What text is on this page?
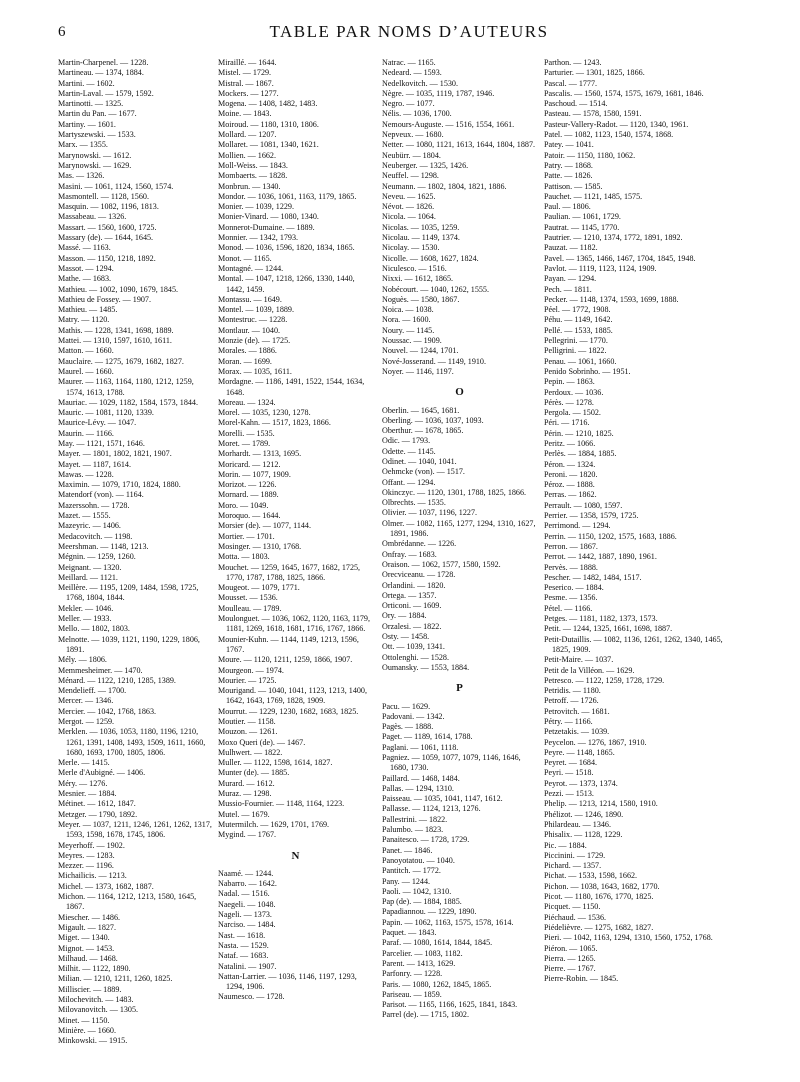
6	TABLE PAR NOMS D’AUTEURS
Martin-Charpenel. — 1228.
Martineau. — 1374, 1884.
Martini. — 1602.
Martin-Laval. — 1579, 1592.
Martinotti. — 1325.
Martin du Pan. — 1677.
Martiny. — 1601.
Martyszewski. — 1533.
Marx. — 1355.
Marynowski. — 1612.
Marynowski. — 1629.
Mas. — 1326.
Masini. — 1061, 1124, 1560, 1574.
Masmontell. — 1128, 1560.
Masquin. — 1082, 1196, 1813.
Massabeau. — 1326.
Massart. — 1560, 1600, 1725.
Massary (de). — 1644, 1645.
Massé. — 1163.
Masson. — 1150, 1218, 1892.
Massot. — 1294.
Mathe. — 1683.
Mathieu. — 1002, 1090, 1679, 1845.
Mathieu de Fossey. — 1907.
Mathieu. — 1485.
Matry. — 1120.
Mathis. — 1228, 1341, 1698, 1889.
Mattei. — 1310, 1597, 1610, 1611.
Matton. — 1660.
Mauclaire. — 1275, 1679, 1682, 1827.
Maurel. — 1660.
Maurer. — 1163, 1164, 1180, 1212, 1259, 1574, 1613, 1788.
Mauriac. — 1029, 1182, 1584, 1573, 1844.
Mauric. — 1081, 1120, 1339.
Maurice-Lévy. — 1047.
Maurin. — 1166.
May. — 1121, 1571, 1646.
Mayer. — 1801, 1802, 1821, 1907.
Mayet. — 1187, 1614.
Mawas. — 1228.
Maximin. — 1079, 1710, 1824, 1880.
Matendorf (von). — 1164.
Mazerssohn. — 1728.
Mazet. — 1555.
Mazeyric. — 1406.
Medacovitch. — 1198.
Meershman. — 1148, 1213.
Mégnin. — 1259, 1260.
Meignant. — 1320.
Meillard. — 1121.
Meillère. — 1195, 1209, 1484, 1598, 1725, 1768, 1804, 1844.
Mekler. — 1046.
Meller. — 1933.
Mello. — 1802, 1803.
Melnotte. — 1039, 1121, 1190, 1229, 1806, 1891.
Mély. — 1806.
Memmesheimer. — 1470.
Ménard. — 1122, 1210, 1285, 1389.
Mendelieff. — 1700.
Mercer. — 1346.
Mercier. — 1042, 1768, 1863.
Mergot. — 1259.
Merklen. — 1036, 1053, 1180, 1196, 1210, 1261, 1391, 1408, 1493, 1509, 1611, 1660, 1680, 1693, 1700, 1805, 1806.
Merle. — 1415.
Merle d'Aubigné. — 1406.
Méry. — 1276.
Mesnier. — 1884.
Métinet. — 1612, 1847.
Metzger. — 1790, 1892.
Meyer. — 1037, 1211, 1246, 1261, 1262, 1317, 1593, 1598, 1678, 1745, 1806.
Meyerhoff. — 1902.
Meyres. — 1283.
Mezzer. — 1196.
Michailicis. — 1213.
Michel. — 1373, 1682, 1887.
Michon. — 1164, 1212, 1213, 1580, 1645, 1867.
Miescher. — 1486.
Migault. — 1827.
Miget. — 1340.
Mignot. — 1453.
Milhaud. — 1468.
Milhit. — 1122, 1890.
Milian. — 1210, 1211, 1260, 1825.
Milliscier. — 1889.
Milochevitch. — 1483.
Milovanovitch. — 1305.
Minet. — 1150.
Minière. — 1660.
Minkowski. — 1915.
Miraillé. — 1644.
Mistel. — 1729.
Mistral. — 1867.
Mockers. — 1277.
Mogena. — 1408, 1482, 1483.
Moine. — 1843.
Moiroud. — 1180, 1310, 1806.
Mollard. — 1207.
Mollaret. — 1081, 1340, 1621.
Mollien. — 1662.
Moll-Weiss. — 1843.
Mombaerts. — 1828.
Monbrun. — 1340.
Mondor. — 1036, 1061, 1163, 1179, 1865.
Monier. — 1039, 1229.
Monier-Vinard. — 1080, 1340.
Monnerot-Dumaine. — 1889.
Monnier. — 1342, 1793.
Monod. — 1036, 1596, 1820, 1834, 1865.
Monot. — 1165.
Montagné. — 1244.
Montal. — 1047, 1218, 1266, 1330, 1440, 1442, 1459.
Montassu. — 1649.
Montel. — 1039, 1889.
Montestruc. — 1228.
Montlaur. — 1040.
Monzie (de). — 1725.
Morales. — 1886.
Moran. — 1699.
Morax. — 1035, 1611.
Mordagne. — 1186, 1491, 1522, 1544, 1634, 1648.
Moreau. — 1324.
Morel. — 1035, 1230, 1278.
Morel-Kahn. — 1517, 1823, 1866.
Morelli. — 1535.
Moret. — 1789.
Morhardt. — 1313, 1695.
Moricard. — 1212.
Morin. — 1077, 1909.
Morizot. — 1226.
Mornard. — 1889.
Moro. — 1049.
Moroquo. — 1644.
Morsier (de). — 1077, 1144.
Mortier. — 1701.
Mosinger. — 1310, 1768.
Motta. — 1803.
Mouchet. — 1259, 1645, 1677, 1682, 1725, 1770, 1787, 1788, 1825, 1866.
Mougeot. — 1079, 1771.
Mousset. — 1536.
Moulleau. — 1789.
Moulonguet. — 1036, 1062, 1120, 1163, 1179, 1181, 1269, 1618, 1681, 1716, 1767, 1866.
Mounier-Kuhn. — 1144, 1149, 1213, 1596, 1767.
Moure. — 1120, 1211, 1259, 1866, 1907.
Mourgeon. — 1974.
Mourier. — 1725.
Mourigand. — 1040, 1041, 1123, 1213, 1400, 1642, 1643, 1769, 1828, 1909.
Mourrut. — 1229, 1230, 1682, 1683, 1825.
Moutier. — 1158.
Mouzon. — 1261.
Moxo Queri (de). — 1467.
Mulhwert. — 1822.
Muller. — 1122, 1598, 1614, 1827.
Munter (de). — 1885.
Murard. — 1612.
Muraz. — 1298.
Mussio-Fournier. — 1148, 1164, 1223.
Mutel. — 1679.
Mutermilch. — 1629, 1701, 1769.
Mygind. — 1767.
N
Naamé. — 1244.
Nabarro. — 1642.
Nadal. — 1516.
Naegeli. — 1048.
Nageli. — 1373.
Narciso. — 1484.
Nast. — 1618.
Nasta. — 1529.
Nataf. — 1683.
Natalini. — 1907.
Nattan-Larrier. — 1036, 1146, 1197, 1293, 1294, 1906.
Naumesco. — 1728.
Natrac. — 1165.
Nedeard. — 1593.
Nedelkovitch. — 1530.
Nègre. — 1035, 1119, 1787, 1946.
Negro. — 1077.
Nélis. — 1036, 1700.
Nemours-Auguste. — 1516, 1554, 1661.
Nepveux. — 1680.
Netter. — 1080, 1121, 1613, 1644, 1804, 1887.
Neubürr. — 1804.
Neuberger. — 1325, 1426.
Neuffel. — 1298.
Neumann. — 1802, 1804, 1821, 1886.
Neveu. — 1625.
Névot. — 1826.
Nicola. — 1064.
Nicolas. — 1035, 1259.
Nicolau. — 1149, 1374.
Nicolay. — 1530.
Nicolle. — 1608, 1627, 1824.
Niculesco. — 1516.
Nixxi. — 1612, 1865.
Nobécourt. — 1040, 1262, 1555.
Noguès. — 1580, 1867.
Noica. — 1038.
Nora. — 1600.
Noury. — 1145.
Noussac. — 1909.
Nouvel. — 1244, 1701.
Nové-Josserand. — 1149, 1910.
Noyer. — 1146, 1197.
O
Oberlin. — 1645, 1681.
Oberling. — 1036, 1037, 1093.
Oberthur. — 1678, 1865.
Odic. — 1793.
Odette. — 1145.
Odinet. — 1040, 1041.
Oehmcke (von). — 1517.
Offant. — 1294.
Okinczyc. — 1120, 1301, 1788, 1825, 1866.
Olbrechts. — 1535.
Olivier. — 1037, 1196, 1227.
Olmer. — 1082, 1165, 1277, 1294, 1310, 1627, 1891, 1986.
Ombrédanne. — 1226.
Onfray. — 1683.
Oraison. — 1062, 1577, 1580, 1592.
Orecviceanu. — 1728.
Orlandini. — 1820.
Ortega. — 1357.
Orticoni. — 1609.
Ory. — 1884.
Orzalesi. — 1822.
Osty. — 1458.
Ott. — 1039, 1341.
Ottolenghi. — 1528.
Oumansky. — 1553, 1884.
P
Pacu. — 1629.
Padovani. — 1342.
Pagès. — 1888.
Paget. — 1189, 1614, 1788.
Paglani. — 1061, 1118.
Pagniez. — 1059, 1077, 1079, 1146, 1646, 1680, 1730.
Paillard. — 1468, 1484.
Pallas. — 1294, 1310.
Paisseau. — 1035, 1041, 1147, 1612.
Pallasse. — 1124, 1213, 1276.
Pallestrini. — 1822.
Palumbo. — 1823.
Panaitesco. — 1728, 1729.
Panet. — 1846.
Panoyotatou. — 1040.
Pantitch. — 1772.
Pany. — 1244.
Paoli. — 1042, 1310.
Pap (de). — 1884, 1885.
Papadiannou. — 1229, 1890.
Papin. — 1062, 1163, 1575, 1578, 1614.
Paquet. — 1843.
Paraf. — 1080, 1614, 1844, 1845.
Parcelier. — 1083, 1182.
Parent. — 1413, 1629.
Parfonry. — 1228.
Paris. — 1080, 1262, 1845, 1865.
Pariseau. — 1859.
Parisot. — 1165, 1166, 1625, 1841, 1843.
Parrel (de). — 1715, 1802.
Parthon. — 1243.
Parturier. — 1301, 1825, 1866.
Pascal. — 1777.
Pascalis. — 1560, 1574, 1575, 1679, 1681, 1846.
Paschoud. — 1514.
Pasteau. — 1578, 1580, 1591.
Pasteur-Vallery-Radot. — 1120, 1340, 1961.
Patel. — 1082, 1123, 1540, 1574, 1868.
Patey. — 1041.
Patoir. — 1150, 1180, 1062.
Patry. — 1868.
Patte. — 1826.
Pattison. — 1585.
Pauchet. — 1121, 1485, 1575.
Paul. — 1806.
Paulian. — 1061, 1729.
Pautrat. — 1145, 1770.
Pautrier. — 1210, 1374, 1772, 1891, 1892.
Pauzat. — 1182.
Pavel. — 1365, 1466, 1467, 1704, 1845, 1948.
Pavlot. — 1119, 1123, 1124, 1909.
Payan. — 1294.
Pech. — 1811.
Pecker. — 1148, 1374, 1593, 1699, 1888.
Péel. — 1772, 1908.
Péhu. — 1149, 1642.
Pellé. — 1533, 1885.
Pellegrini. — 1770.
Pelligrini. — 1822.
Penau. — 1061, 1660.
Penido Sobrinho. — 1951.
Pepin. — 1863.
Perdoux. — 1036.
Pérès. — 1278.
Pergola. — 1502.
Péri. — 1716.
Périn. — 1210, 1825.
Peritz. — 1066.
Perlès. — 1884, 1885.
Péron. — 1324.
Peroni. — 1820.
Péroz. — 1888.
Perras. — 1862.
Perrault. — 1080, 1597.
Perrier. — 1358, 1579, 1725.
Perrimond. — 1294.
Perrin. — 1150, 1202, 1575, 1683, 1886.
Perron. — 1867.
Perrot. — 1442, 1887, 1890, 1961.
Pervès. — 1888.
Pescher. — 1482, 1484, 1517.
Peserico. — 1884.
Pesme. — 1356.
Pétel. — 1166.
Petges. — 1181, 1182, 1373, 1573.
Petit. — 1244, 1325, 1661, 1698, 1887.
Petit-Dutaillis. — 1082, 1136, 1261, 1262, 1340, 1465, 1825, 1909.
Petit-Maire. — 1037.
Petit de la Villéon. — 1629.
Petresco. — 1122, 1259, 1728, 1729.
Petridis. — 1180.
Petroff. — 1726.
Petrovitch. — 1681.
Pétry. — 1166.
Petzetakis. — 1039.
Peycelon. — 1276, 1867, 1910.
Peyre. — 1148, 1865.
Peyret. — 1684.
Peyri. — 1518.
Peyrot. — 1373, 1374.
Pezzi. — 1513.
Phelip. — 1213, 1214, 1580, 1910.
Phélizot. — 1246, 1890.
Philardeau. — 1346.
Phisalix. — 1128, 1229.
Pic. — 1884.
Piccinini. — 1729.
Pichard. — 1357.
Pichat. — 1533, 1598, 1662.
Pichon. — 1038, 1643, 1682, 1770.
Picot. — 1180, 1676, 1770, 1825.
Picquet. — 1150.
Piéchaud. — 1536.
Piédelièvre. — 1275, 1682, 1827.
Pieri. — 1042, 1163, 1294, 1310, 1560, 1752, 1768.
Piéron. — 1065.
Pierra. — 1265.
Pierre. — 1767.
Pierre-Robin. — 1845.
